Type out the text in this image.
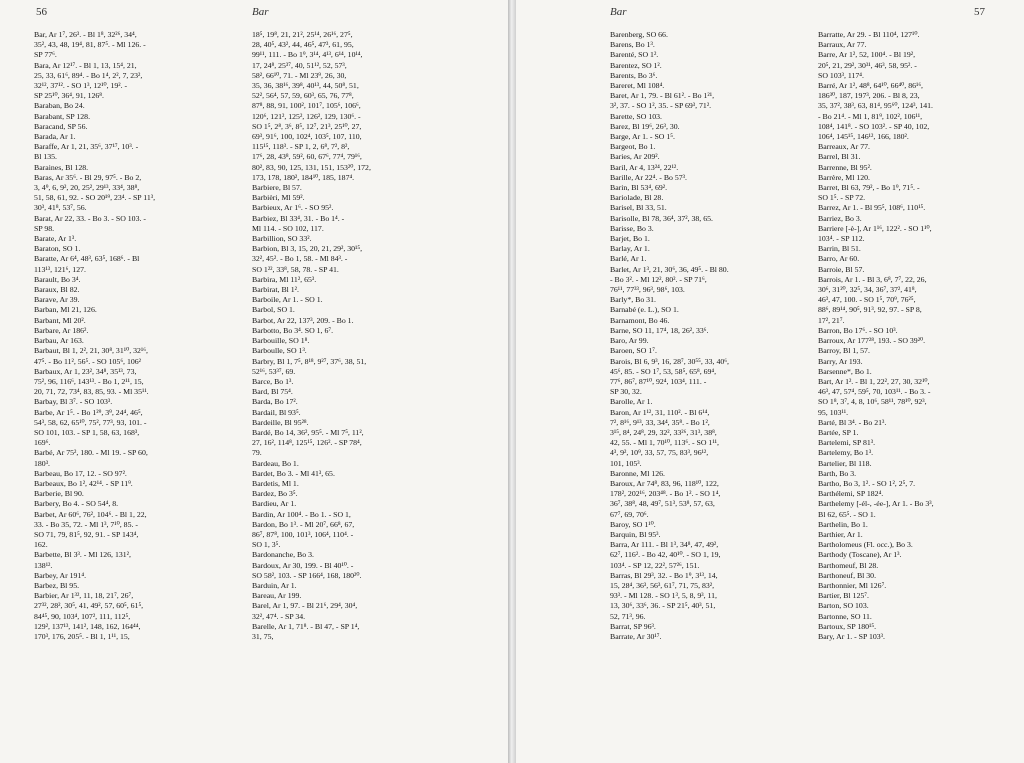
56	Bar

Bar, Ar 1⁷, 26³. - Bl 1⁸, 32²⁶, 34⁴,

35², 43, 48, 19⁴, 81, 87⁵. - Ml 126. -

SP 77⁶.

Bara, Ar 12¹⁷. - Bl 1, 13, 15⁴, 21,

25, 33, 61⁶, 89⁴. - Bo 1⁴, 2², 7, 23²,

32¹², 37¹². - SO 1³, 12¹⁰, 19². -

SP 25¹⁰, 36⁴, 91, 126⁸.

Baraban, Bo 24.

Barabant, SP 128.

Baracand, SP 56.

Barada, Ar 1.

Baraffe, Ar 1, 21, 35⁶, 37¹⁷, 10³. -

Bl 135.

Baraines, Bl 128.

Baras, Ar 35⁶. - Bl 29, 97⁵. - Bo 2,

3, 4⁹, 6, 9², 20, 25², 29¹³, 33⁴, 38⁸,

51, 58, 61, 92. - SO 20¹⁹, 23⁴. - SP 11³,

30³, 41⁸, 53⁷, 56.

Barat, Ar 22, 33. - Bo 3. - SO 103. -

SP 98.

Barate, Ar 1³.

Baraton, SO 1.

Baratte, Ar 6⁴, 48³, 63⁵, 168⁶. - Bl

113¹³, 121⁶, 127.

Barault, Bo 3⁴.

Baraux, Bl 82.

Barave, Ar 39.

Barban, Ml 21, 126.

Barbant, Ml 20².

Barbare, Ar 186².

Barbau, Ar 163.

Barbaut, Bl 1, 2², 21, 30⁸, 31¹⁰, 32¹⁶,

47⁵. - Bo 11², 56⁵. - SO 105⁶, 106²

Barbaux, Ar 1, 23², 34⁸, 35¹³, 73,

75², 96, 116⁶, 143¹³. - Bo 1, 2¹¹, 15,

20, 71, 72, 73⁴, 83, 85, 93. - Ml 35¹¹.

Barbay, Bl 3⁷. - SO 103³.

Barbe, Ar 1⁵. - Bo 1²⁹, 3⁹, 24⁴, 46⁵,

54³, 58, 62, 65¹⁰, 75², 77³, 93, 101. -

SO 101, 103. - SP 1, 58, 63, 168³,

169⁶.

Barbé, Ar 75², 180. - Ml 19. - SP 60,

180³.

Barbeau, Bo 17, 12. - SO 97².

Barbeaux, Bo 1², 42¹⁴. - SP 11⁹.

Barberie, Bl 90.

Barbery, Bo 4. - SO 54⁴, 8.

Barbet, Ar 60⁶, 76², 104⁶. - Bl 1, 22,

33. - Bo 35, 72. - Ml 1³, 7¹⁰, 85. -

SO 71, 79, 81⁵, 92, 91. - SP 143⁴,

162.

Barbette, Bl 3³. - Ml 126, 131²,

138¹².

Barbey, Ar 191⁴.

Barbez, Bl 95.

Barbier, Ar 1³², 11, 18, 21⁷, 26⁷,

27³², 28², 30⁵, 41, 49², 57, 60⁵, 61⁵,

84⁴⁵, 90, 103⁴, 107², 111, 112⁵,

129², 137¹³, 141², 148, 162, 164⁴⁴,

170³, 176, 205⁵. - Bl 1, 1¹¹, 15,

18⁵, 19⁸, 21, 21², 25¹⁴, 26¹⁶, 27⁵,

28, 40⁵, 43², 44, 46⁵, 47³, 61, 95,

99¹¹, 111. - Bo 1⁹, 3¹⁴, 4¹³, 6¹⁴, 10¹⁴,

17, 24⁸, 25³⁷, 40, 51¹², 52, 57³,

58², 66¹⁰, 71. - Ml 23⁹, 26, 30,

35, 36, 38¹⁶, 39⁸, 40¹³, 44, 50⁸, 51,

52², 56⁴, 57, 59, 60³, 65, 76, 77⁸,

87⁸, 88, 91, 100², 101⁷, 105⁶, 106⁶,

120⁶, 121², 125², 126², 129, 130⁶. -

SO 1⁵, 2⁸, 3⁶, 8⁵, 12⁷, 21³, 25¹⁰, 27,

69³, 91⁶, 100, 102⁴, 103⁵, 107, 110,

115¹⁵, 118³. - SP 1, 2, 6⁸, 7², 8²,

17⁶, 28, 43⁸, 59², 60, 67⁶, 77⁴, 79¹⁶,

80², 83, 90, 125, 131, 151, 153²⁰, 172,

173, 178, 180², 184¹⁰, 185, 187⁴.

Barbiere, Bl 57.

Barbièri, Ml 59².

Barbieux, Ar 1⁶. - SO 95².

Barbiez, Bl 33⁴, 31. - Bo 1⁴. -

Ml 114. - SO 102, 117.

Barbillion, SO 33².

Barbion, Bl 3, 15, 20, 21, 29², 30¹⁵,

32², 45². - Bo 1, 58. - Ml 84³. -

SO 1²², 33⁸, 58, 78. - SP 41.

Barbira, Ml 11², 65³.

Barbirat, Bl 1².

Barboile, Ar 1. - SO 1.

Barbol, SO 1.

Barbot, Ar 22, 137³, 209. - Bo 1.

Barbotto, Bo 3⁴. SO 1, 6⁷.

Barbouille, SO 1⁸.

Barboulle, SO 1³.

Barbry, Bl 1, 7⁵, 8¹⁸, 9²⁷, 37⁶, 38, 51,

52¹⁶, 53³⁷, 69.

Barce, Bo 1³.

Bard, Bl 75⁴.

Barda, Bo 17².

Bardail, Bl 93⁵.

Bardeille, Bl 95²⁸.

Bardé, Bo 14, 36², 95⁵. - Ml 7⁵, 11²,

27, 16², 114⁸, 125¹⁵, 126². - SP 78⁴,

79.

Bardeau, Bo 1.

Bardet, Bo 3. - Ml 41³, 65.

Bardetis, Ml 1.

Bardez, Bo 3⁵.

Bardieu, Ar 1.

Bardin, Ar 100⁴. - Bo 1. - SO 1,

Bardon, Bo 1³. - Ml 20⁷, 66⁸, 67,

86⁷, 87⁸, 100, 101³, 106⁴, 110⁴. -

SO 1, 3⁵.

Bardonanche, Bo 3.

Bardoux, Ar 30, 199. - Bl 40¹⁰. -

SO 58², 103. - SP 166⁴, 168, 180²⁰.

Barduin, Ar 1.

Bareau, Ar 199.

Barel, Ar 1, 97. - Bl 21⁶, 29⁴, 30⁴,

32², 47⁴. - SP 34.

Barelle, Ar 1, 71⁸. - Bl 47, - SP 1⁴,

31, 75,

Bar	57

Barenberg, SO 66.

Barens, Bo 1³.

Barenté, SO 1².

Barentez, SO 1².

Barents, Bo 3⁶.

Bareret, Ml 108⁴.

Baret, Ar 1, 79. - Bl 61². - Bo 1²¹,

3², 37. - SO 1², 35. - SP 69³, 71².

Barette, SO 103.

Barez, Bl 19⁶, 26³, 30.

Barge, Ar 1. - SO 1⁵.

Bargeot, Bo 1.

Baries, Ar 209².

Baril, Ar 4, 13²⁴, 22¹².

Barille, Ar 22⁴. - Bo 57³.

Barin, Bl 53⁴, 69².

Bariolade, Bl 28.

Barisel, Bl 33, 51.

Barisolle, Bl 78, 36⁴, 37², 38, 65.

Barisse, Bo 3.

Barjet, Bo 1.

Barlay, Ar 1.

Barlé, Ar 1.

Barlet, Ar 1³, 21, 30⁶, 36, 49⁵. - Bl 80.

- Bo 3². - Ml 12², 80². - SP 71⁶,

76¹¹, 77³³, 96³, 98⁶, 103.

Barly*, Bo 31.

Barnabé (e. L.), SO 1.

Barnamont, Bo 46.

Barne, SO 11, 17⁴, 18, 26², 33⁶.

Baro, Ar 99.

Baroen, SO 1⁷.

Barois, Bl 6, 9³, 16, 28⁷, 30⁵⁵, 33, 40⁶,

45⁶, 85. - SO 1⁷, 53, 58⁵, 65⁸, 69⁴,

77⁶, 86⁷, 87¹⁰, 92⁴, 103⁴, 111. -

SP 30, 32.

Barolle, Ar 1.

Baron, Ar 1¹², 31, 110². - Bl 6¹⁴,

7², 8¹⁶, 9¹³, 33, 34⁴, 35⁸. - Bo 1²,

3¹⁵, 8⁴, 24⁸, 29, 32², 33²⁶, 31³, 38⁸,

42, 55. - Ml 1, 70¹⁰, 113⁶. - SO 1¹¹,

4³, 9², 10⁹, 33, 57, 75, 83³, 96¹²,

101, 105³.

Baronne, Ml 126.

Baroux, Ar 74⁸, 83, 96, 118¹⁰, 122,

178², 202¹⁶, 203⁴⁸. - Bo 1². - SO 1⁴,

36⁷, 38⁸, 48, 49⁷, 51³, 53⁸, 57, 63,

67⁷, 69, 70⁶.

Baroy, SO 1¹⁰.

Barquin, Bl 95³.

Barra, Ar 111. - Bl 1³, 34⁸, 47, 49²,

62⁷, 116². - Bo 42, 40¹⁰. - SO 1, 19,

103⁴. - SP 12, 22², 57²⁶, 151.

Barras, Bl 29³, 32. - Bo 1⁹, 3¹³, 14,

15, 28⁴, 36³, 56³, 61⁷, 71, 75, 83²,

93³. - Ml 128. - SO 1³, 5, 8, 9³, 11,

13, 30⁶, 33⁶, 36. - SP 21⁵, 40³, 51,

52, 71³, 96.

Barrat, SP 96³.

Barrate, Ar 30¹⁷.

Barratte, Ar 29. - Bl 110⁴, 127¹⁰.

Barraux, Ar 77.

Barre, Ar 1², 52, 100⁴. - Bl 19²,

20⁵, 21, 29², 30³¹, 46³, 58, 95². -

SO 103³, 117⁴.

Barré, Ar 1², 48⁸, 64¹⁰, 66⁴⁰, 86¹⁶,

186³⁰, 187, 197³, 206. - Bl 8, 23,

35, 37², 38³, 63, 81⁴, 95⁶⁰, 124³, 141.

- Bo 21⁴. - Ml 1, 81⁹, 102², 106¹¹,

108⁴, 141⁸. - SO 103². - SP 40, 102,

106⁴, 145¹⁵, 146¹², 166, 180².

Barreaux, Ar 77.

Barrel, Bl 31.

Barrenne, Bl 95².

Barrère, Ml 120.

Barret, Bl 63, 79², - Bo 1⁹, 71⁵. -

SO 1⁵. - SP 72.

Barrez, Ar 1. - Bl 95⁵, 108⁶, 110¹⁵.

Barriez, Bo 3.

Barriere [-è-], Ar 1¹⁶, 122². - SO 1¹⁰,

103⁴. - SP 112.

Barrin, Bl 51.

Barro, Ar 60.

Barroie, Bl 57.

Barrois, Ar 1. - Bl 3, 6⁸, 7⁷, 22, 26,

30⁶, 31²⁰, 32⁵, 34, 36⁷, 37², 41⁸,

46³, 47, 100. - SO 1⁵, 70⁹, 76²⁵,

88⁶, 89¹⁴, 90⁵, 91³, 92, 97. - SP 8,

17², 21⁷.

Barron, Bo 17⁶. - SO 10³.

Barroux, Ar 177²⁸, 193. - SO 39²⁰.

Barroy, Bl 1, 57.

Barry, Ar 193.

Barsenne*, Bo 1.

Bart, Ar 1². - Bl 1, 22², 27, 30, 32¹⁰,

46³, 47, 57⁴, 59⁵, 70, 103¹¹. - Bo 3. -

SO 1⁸, 3⁷, 4, 8, 10⁶, 58¹¹, 78¹⁰, 92³,

95, 103¹¹.

Barté, Bl 3⁴. - Bo 21³.

Bartée, SP 1.

Bartelemi, SP 81³.

Bartelemy, Bo 1³.

Bartelier, Bl 118.

Barth, Bo 3.

Bartho, Bo 3, 1². - SO 1², 2⁵, 7.

Barthélemi, SP 182⁴.

Barthelemy [-él-, -ée-], Ar 1. - Bo 3³,

Bl 62, 65⁵. - SO 1.

Barthelin, Bo 1.

Barthier, Ar 1.

Bartholomeus (Fl. occ.), Bo 3.

Barthody (Toscane), Ar 1³.

Barthomeuf, Bl 28.

Barthoneuf, Bl 30.

Barthonnier, Ml 126⁷.

Bartier, Bl 125⁷.

Barton, SO 103.

Bartonne, SO 11.

Bartoux, SP 180¹⁵.

Bary, Ar 1. - SP 103³.
